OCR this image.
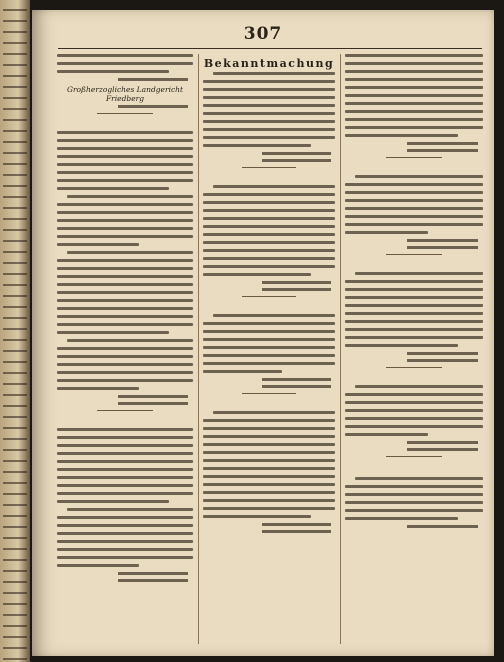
307
Großherzogliches Landgericht Friedberg

Bekanntmachung
